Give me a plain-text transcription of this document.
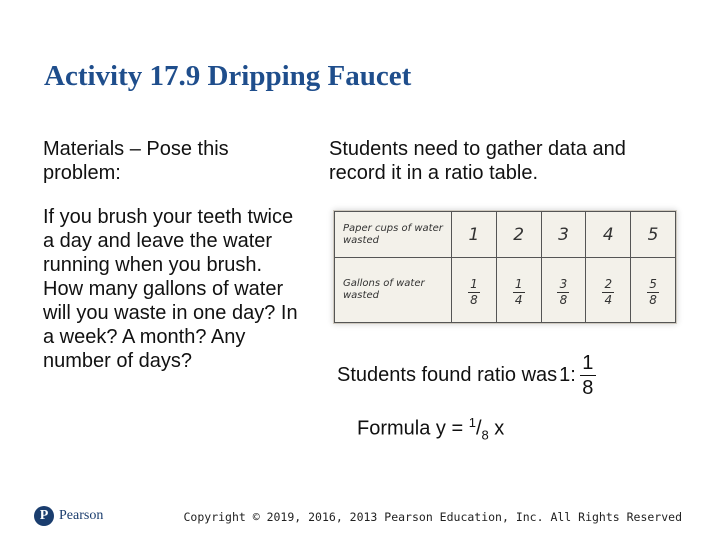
Activity 17.9 Dripping Faucet

Materials – Pose this problem:

If you brush your teeth twice a day and leave the water running when you brush. How many gallons of water will you waste in one day? In a week? A month? Any number of days?

Students need to gather data and record it in a ratio table.
Paper cups of water wasted	1	2	3	4	5
Gallons of water wasted	$\frac{1}{8}$	$\frac{1}{4}$	$\frac{3}{8}$	$\frac{2}{4}$	$\frac{5}{8}$
Students found ratio was 1:
1
8
Formula $y = ^1/_8$ x
P Pearson	Copyright © 2019, 2016, 2013 Pearson Education, Inc. All Rights Reserved
